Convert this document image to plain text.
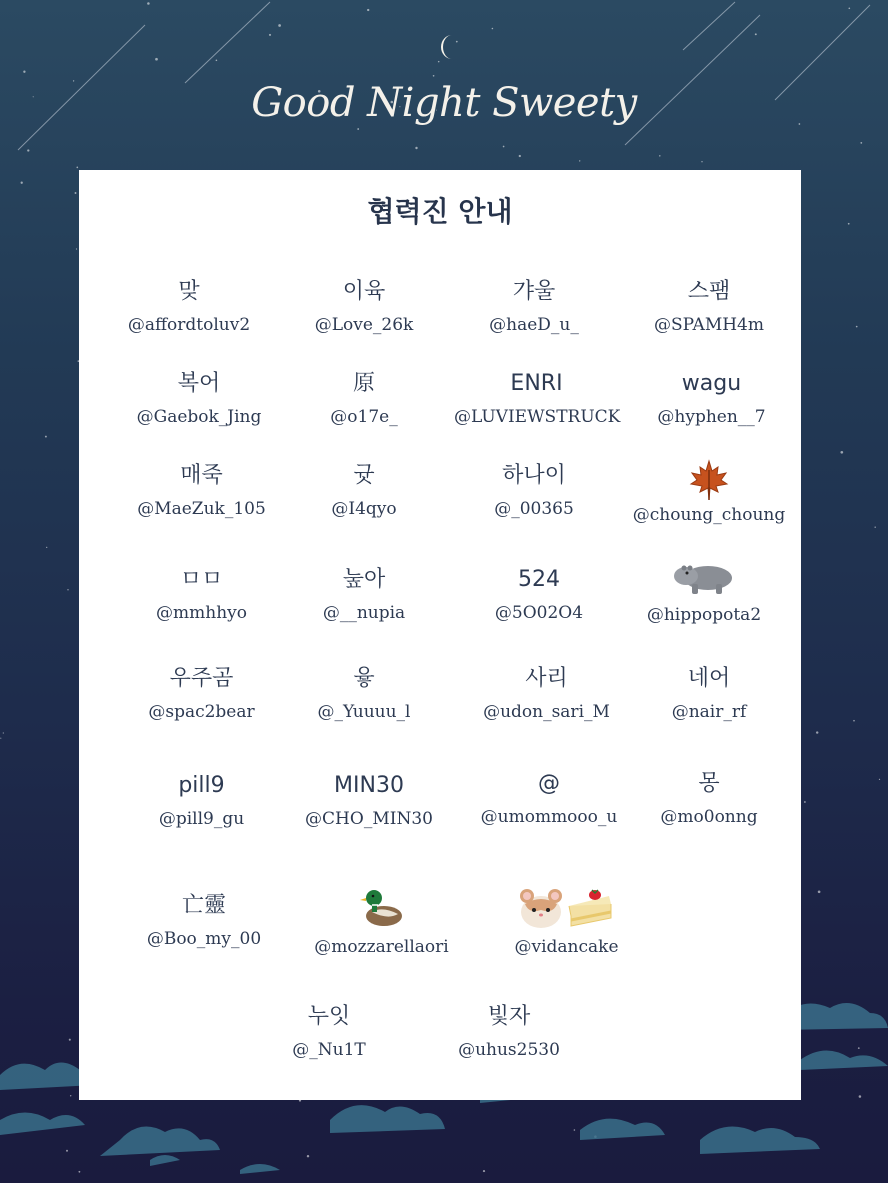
Good Night Sweety
협력진 안내
맞
@affordtoluv2
이육
@Love_26k
갸울
@haeD_u_
스팸
@SPAMH4m
복어
@Gaebok_Jing
原
@o17e_
ENRI
@LUVIEWSTRUCK
wagu
@hyphen__7
매죽
@MaeZuk_105
귯
@I4qyo
하나이
@_00365	@choung_choung
ㅁㅁ
@mmhhyo
눞아
@__nupia
524
@5O02O4	@hippopota2
우주곰
@spac2bear
윻
@_Yuuuu_l
사리
@udon_sari_M
네어
@nair_rf
pill9
@pill9_gu
MIN30
@CHO_MIN30
@
@umommooo_u
몽
@mo0onng
亡靈
@Boo_my_00	@mozzarellaori	@vidancake
누잇
@_Nu1T
빛자
@uhus2530
